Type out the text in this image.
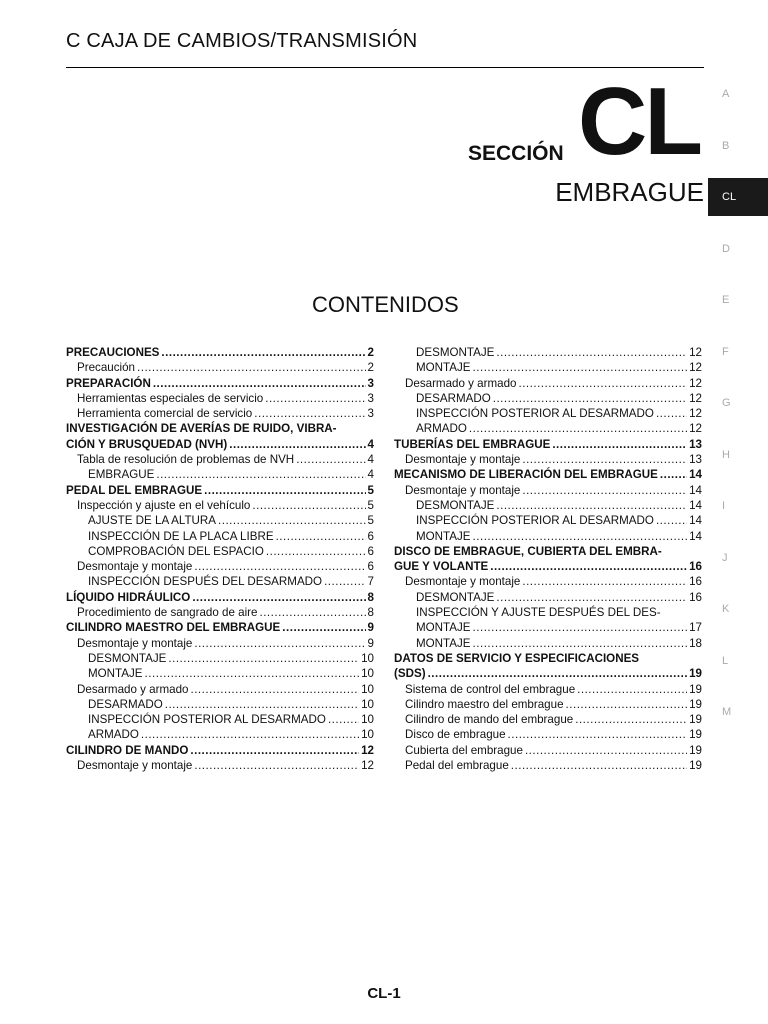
C CAJA DE CAMBIOS/TRANSMISIÓN
SECCIÓN CL
EMBRAGUE
CONTENIDOS
A
B
CL
D
E
F
G
H
I
J
K
L
M
PRECAUCIONES .....	2
Precaución .....	2
PREPARACIÓN .....	3
Herramientas especiales de servicio .....	3
Herramienta comercial de servicio .....	3
INVESTIGACIÓN DE AVERÍAS DE RUIDO, VIBRA-
CIÓN Y BRUSQUEDAD (NVH) .....	4
Tabla de resolución de problemas de NVH .....	4
EMBRAGUE .....	4
PEDAL DEL EMBRAGUE .....	5
Inspección y ajuste en el vehículo .....	5
AJUSTE DE LA ALTURA .....	5
INSPECCIÓN DE LA PLACA LIBRE .....	6
COMPROBACIÓN DEL ESPACIO .....	6
Desmontaje y montaje .....	6
INSPECCIÓN DESPUÉS DEL DESARMADO .....	7
LÍQUIDO HIDRÁULICO .....	8
Procedimiento de sangrado de aire .....	8
CILINDRO MAESTRO DEL EMBRAGUE .....	9
Desmontaje y montaje .....	9
DESMONTAJE .....	10
MONTAJE .....	10
Desarmado y armado .....	10
DESARMADO .....	10
INSPECCIÓN POSTERIOR AL DESARMADO .....	10
ARMADO .....	10
CILINDRO DE MANDO .....	12
Desmontaje y montaje .....	12
DESMONTAJE .....	12
MONTAJE .....	12
Desarmado y armado .....	12
DESARMADO .....	12
INSPECCIÓN POSTERIOR AL DESARMADO .....	12
ARMADO .....	12
TUBERÍAS DEL EMBRAGUE .....	13
Desmontaje y montaje .....	13
MECANISMO DE LIBERACIÓN DEL EMBRAGUE .....	14
Desmontaje y montaje .....	14
DESMONTAJE .....	14
INSPECCIÓN POSTERIOR AL DESARMADO .....	14
MONTAJE .....	14
DISCO DE EMBRAGUE, CUBIERTA DEL EMBRA-
GUE Y VOLANTE .....	16
Desmontaje y montaje .....	16
DESMONTAJE .....	16
INSPECCIÓN Y AJUSTE DESPUÉS DEL DES-
MONTAJE .....	17
MONTAJE .....	18
DATOS DE SERVICIO Y ESPECIFICACIONES
(SDS) .....	19
Sistema de control del embrague .....	19
Cilindro maestro del embrague .....	19
Cilindro de mando del embrague .....	19
Disco de embrague .....	19
Cubierta del embrague .....	19
Pedal del embrague .....	19
CL-1
